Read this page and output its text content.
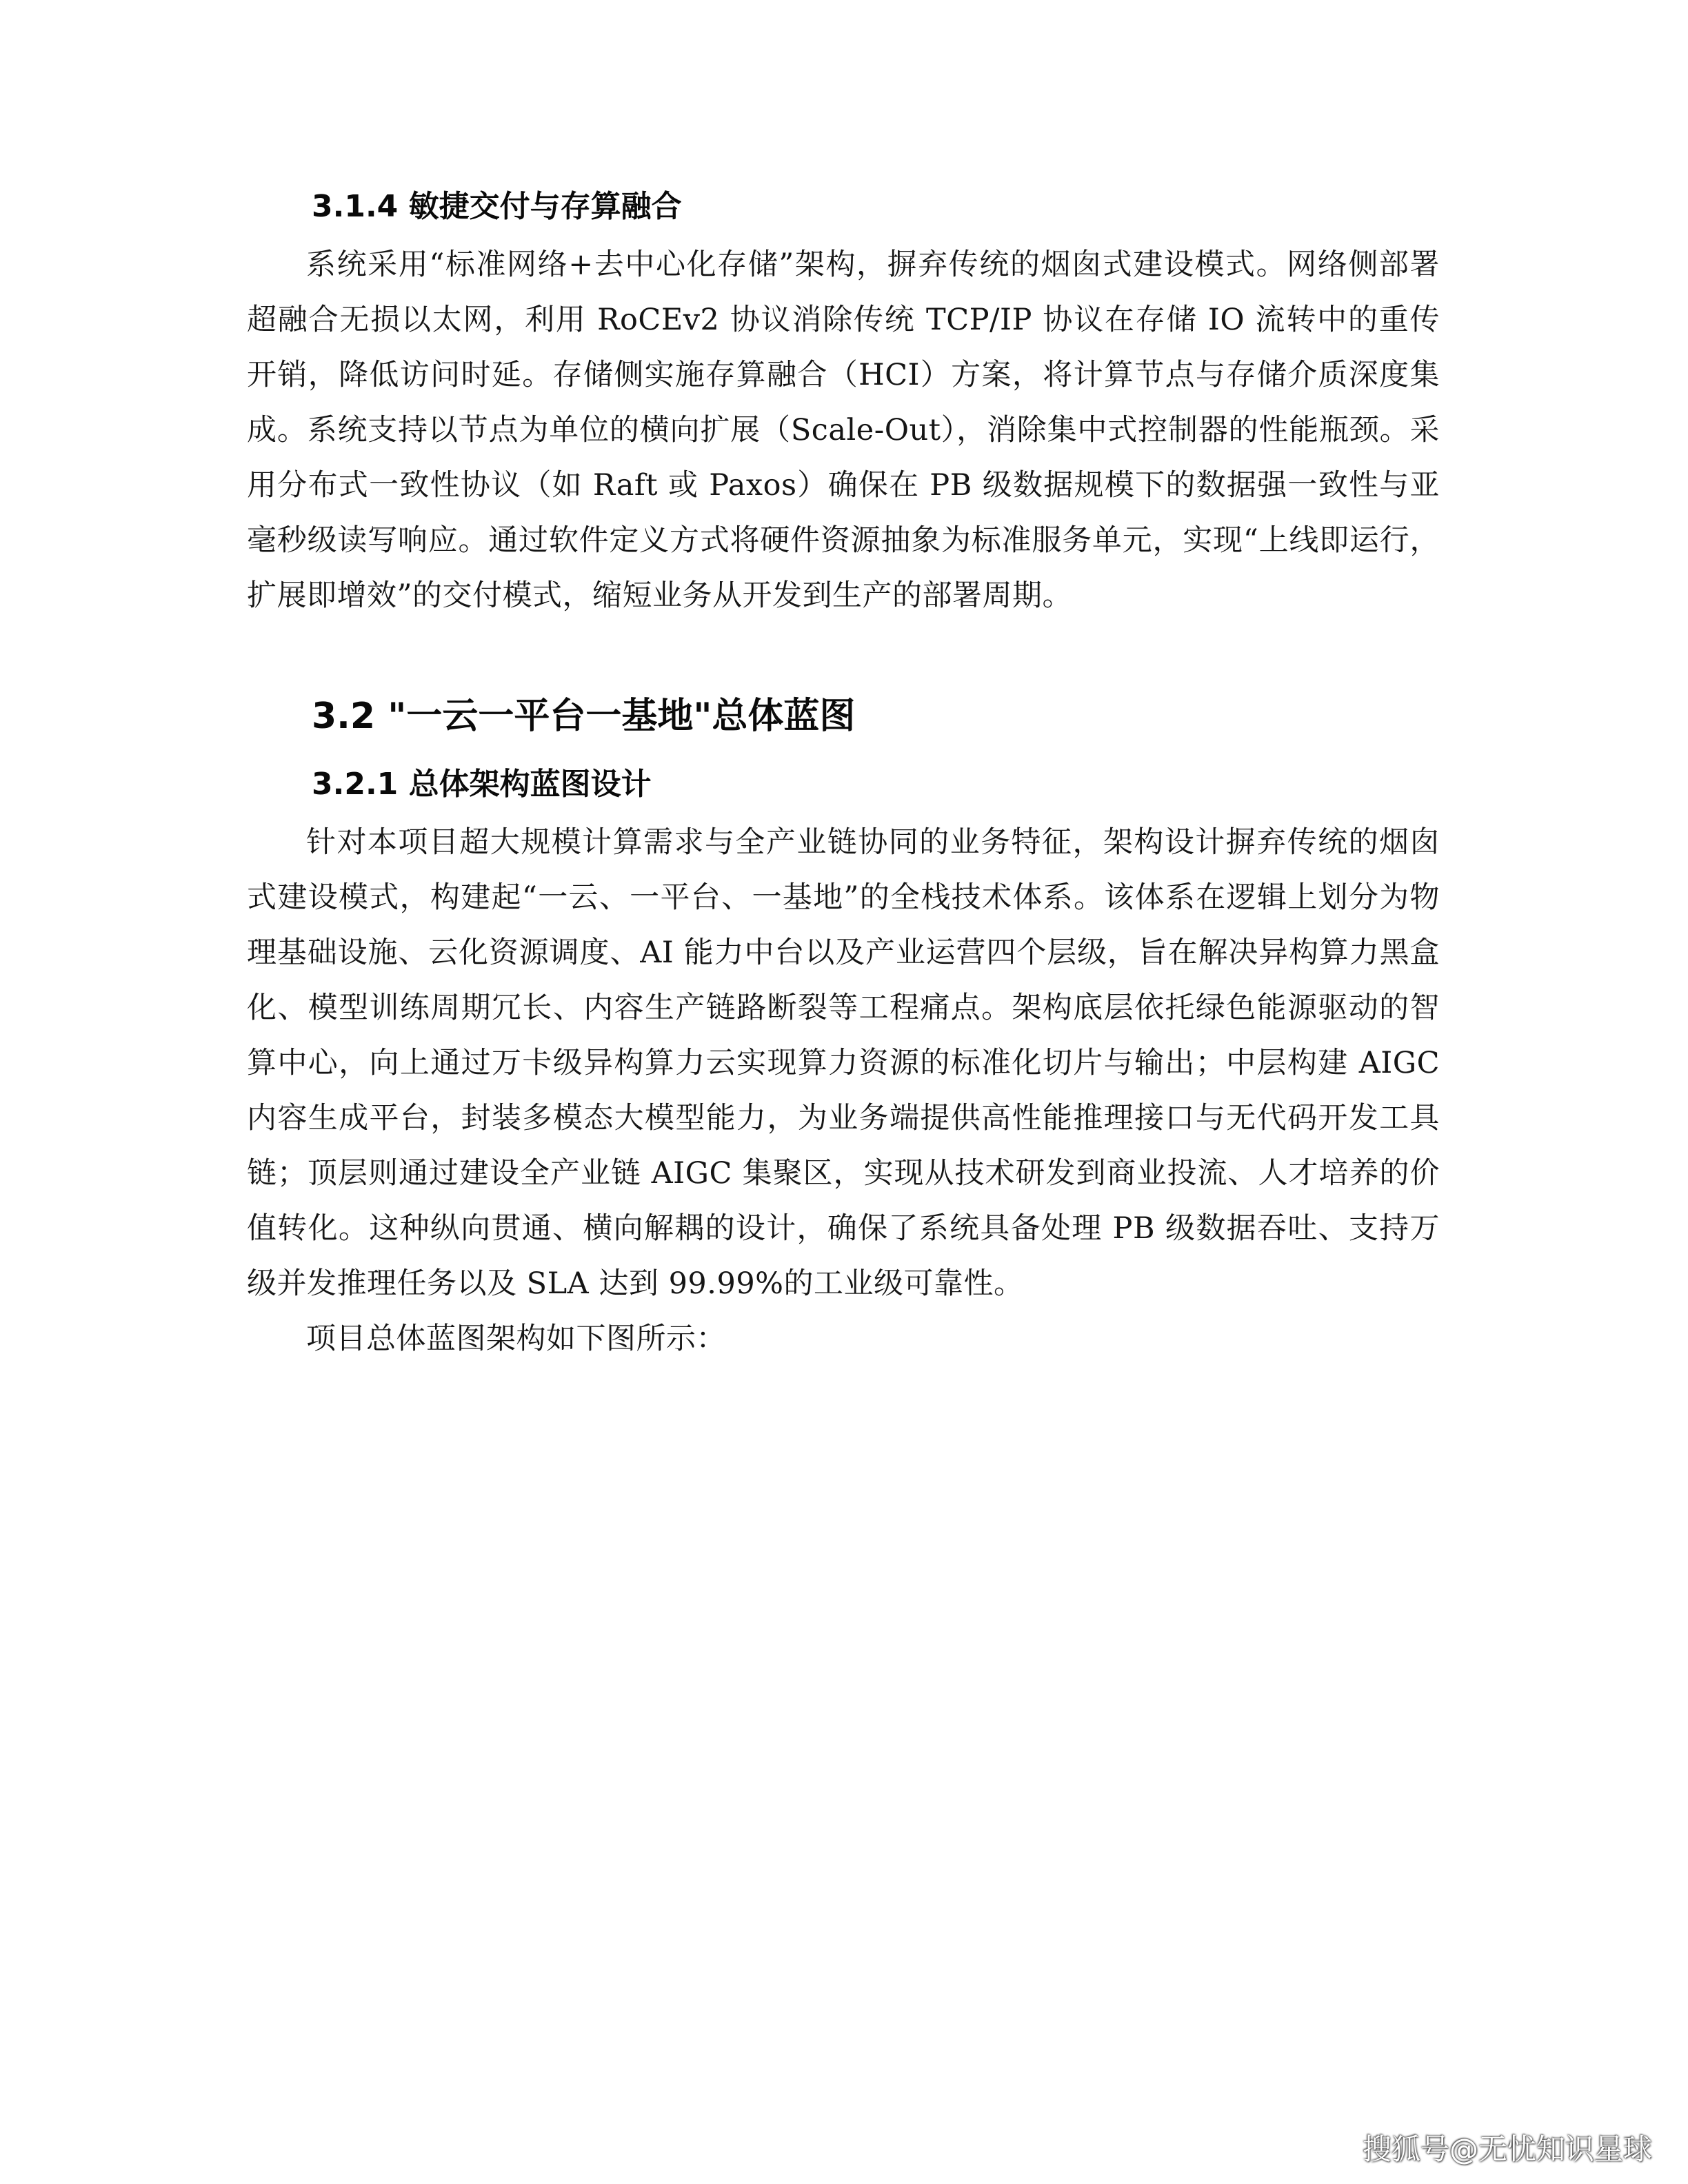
3.1.4 敏捷交付与存算融合

系统采用“标准网络+去中心化存储”架构，摒弃传统的烟囱式建设模式。网络侧部署超融合无损以太网，利用 RoCEv2 协议消除传统 TCP/IP 协议在存储 IO 流转中的重传开销，降低访问时延。存储侧实施存算融合（HCI）方案，将计算节点与存储介质深度集成。系统支持以节点为单位的横向扩展（Scale-Out），消除集中式控制器的性能瓶颈。采用分布式一致性协议（如 Raft 或 Paxos）确保在 PB 级数据规模下的数据强一致性与亚毫秒级读写响应。通过软件定义方式将硬件资源抽象为标准服务单元，实现“上线即运行，扩展即增效”的交付模式，缩短业务从开发到生产的部署周期。

3.2 "一云一平台一基地"总体蓝图
3.2.1 总体架构蓝图设计

针对本项目超大规模计算需求与全产业链协同的业务特征，架构设计摒弃传统的烟囱式建设模式，构建起“一云、一平台、一基地”的全栈技术体系。该体系在逻辑上划分为物理基础设施、云化资源调度、AI 能力中台以及产业运营四个层级，旨在解决异构算力黑盒化、模型训练周期冗长、内容生产链路断裂等工程痛点。架构底层依托绿色能源驱动的智算中心，向上通过万卡级异构算力云实现算力资源的标准化切片与输出；中层构建 AIGC 内容生成平台，封装多模态大模型能力，为业务端提供高性能推理接口与无代码开发工具链；顶层则通过建设全产业链 AIGC 集聚区，实现从技术研发到商业投流、人才培养的价值转化。这种纵向贯通、横向解耦的设计，确保了系统具备处理 PB 级数据吞吐、支持万级并发推理任务以及 SLA 达到 99.99%的工业级可靠性。

项目总体蓝图架构如下图所示：

搜狐号@无忧知识星球
